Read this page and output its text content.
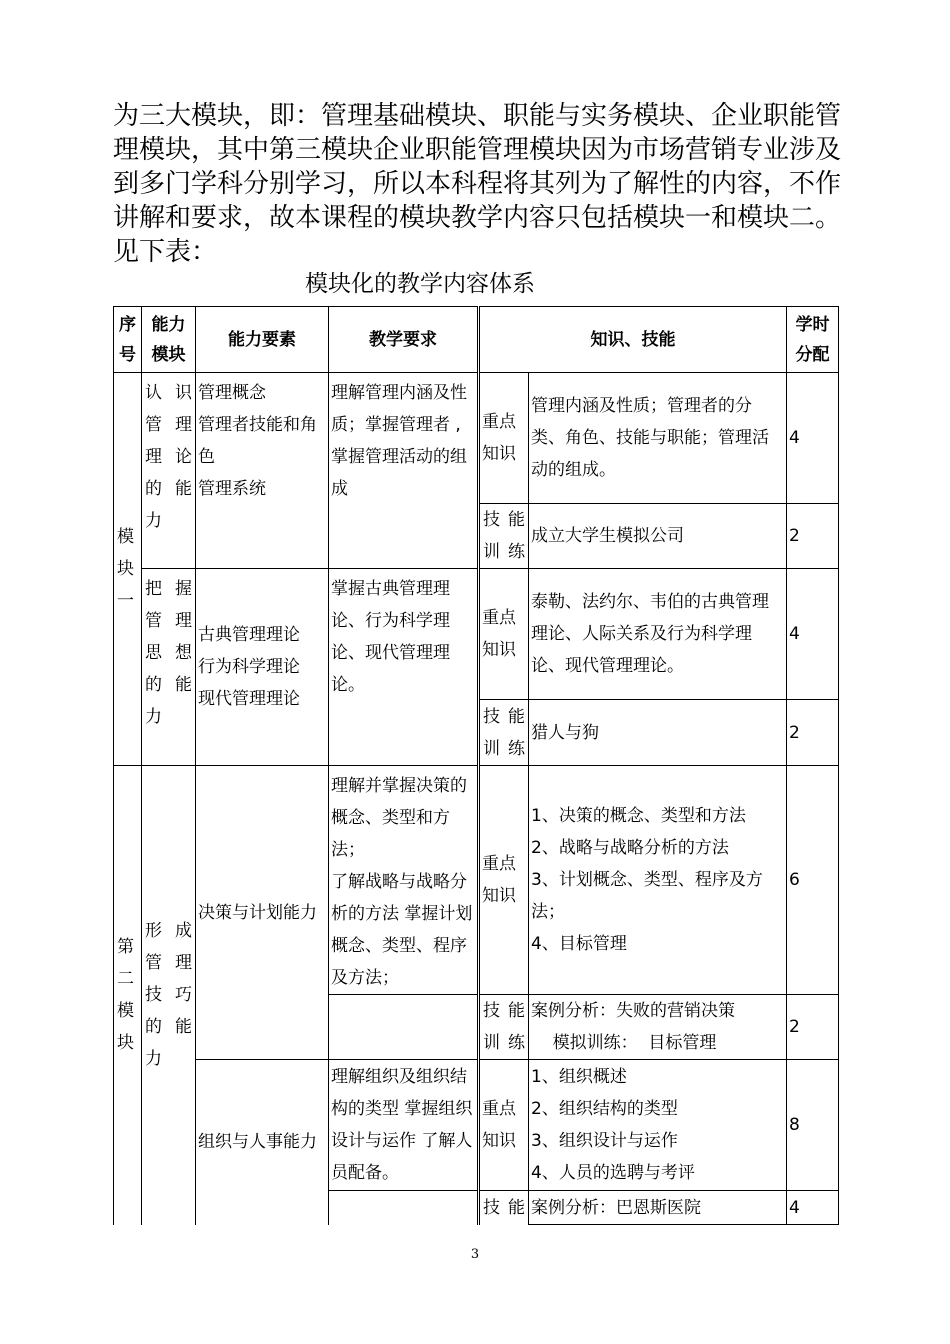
为三大模块，即：管理基础模块、职能与实务模块、企业职能管
理模块，其中第三模块企业职能管理模块因为市场营销专业涉及
到多门学科分别学习，所以本科程将其列为了解性的内容，不作
讲解和要求，故本课程的模块教学内容只包括模块一和模块二。
见下表：
模块化的教学内容体系
序号	能力模块	能力要素	教学要求	知识、技能		学时分配
模块一	认识管理理论的能力	管理概念
管理者技能和角色
管理系统	理解管理内涵及性质；掌握管理者 ,掌握管理活动的组成	重点知识	管理内涵及性质；管理者的分类、角色、技能与职能；管理活动的组成。	4
				技能训练	成立大学生模拟公司	2
	把握管理思想的能力	古典管理理论
行为科学理论
现代管理理论	掌握古典管理理论、行为科学理论、现代管理理论。	重点知识	泰勒、法约尔、韦伯的古典管理理论、人际关系及行为科学理论、现代管理理论。	4
				技能训练	猎人与狗	2
第二模块	形成管理技巧的能力	决策与计划能力	理解并掌握决策的概念、类型和方法；
了解战略与战略分析的方法 掌握计划概念、类型、程序及方法；	重点知识	1、决策的概念、类型和方法
2、战略与战略分析的方法
3、计划概念、类型、程序及方法；
4、目标管理	6
				技能训练	案例分析：失败的营销决策
模拟训练：  目标管理	2
		组织与人事能力	理解组织及组织结构的类型 掌握组织设计与运作 了解人员配备。	重点知识	1、组织概述
2、组织结构的类型
3、组织设计与运作
4、人员的选聘与考评	8
				技能	案例分析：巴恩斯医院	4
3
